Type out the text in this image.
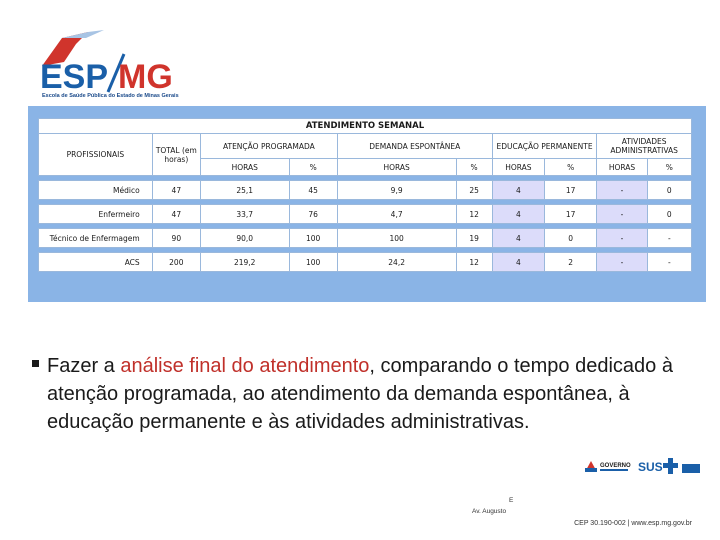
ESP MG
Escola de Saúde Pública do Estado de Minas Gerais
ATENDIMENTO SEMANAL									
PROFISSIONAIS	TOTAL (em horas)	ATENÇÃO PROGRAMADA		DEMANDA ESPONTÂNEA		EDUCAÇÃO PERMANENTE		ATIVIDADES ADMINISTRATIVAS	
		HORAS	%	HORAS	%	HORAS	%	HORAS	%

Médico	47	25,1	45	9,9	25	4	17	-	0

Enfermeiro	47	33,7	76	4,7	12	4	17	-	0

Técnico de Enfermagem	90	90,0	100	100	19	4	0	-	-

ACS	200	219,2	100	24,2	12	4	2	-	-
Fazer a análise final do atendimento, comparando o tempo dedicado à atenção programada, ao atendimento da demanda espontânea, à educação permanente e às atividades administrativas.
GOVERNO SUS
E
Av. Augusto
CEP 30.190-002 | www.esp.mg.gov.br
